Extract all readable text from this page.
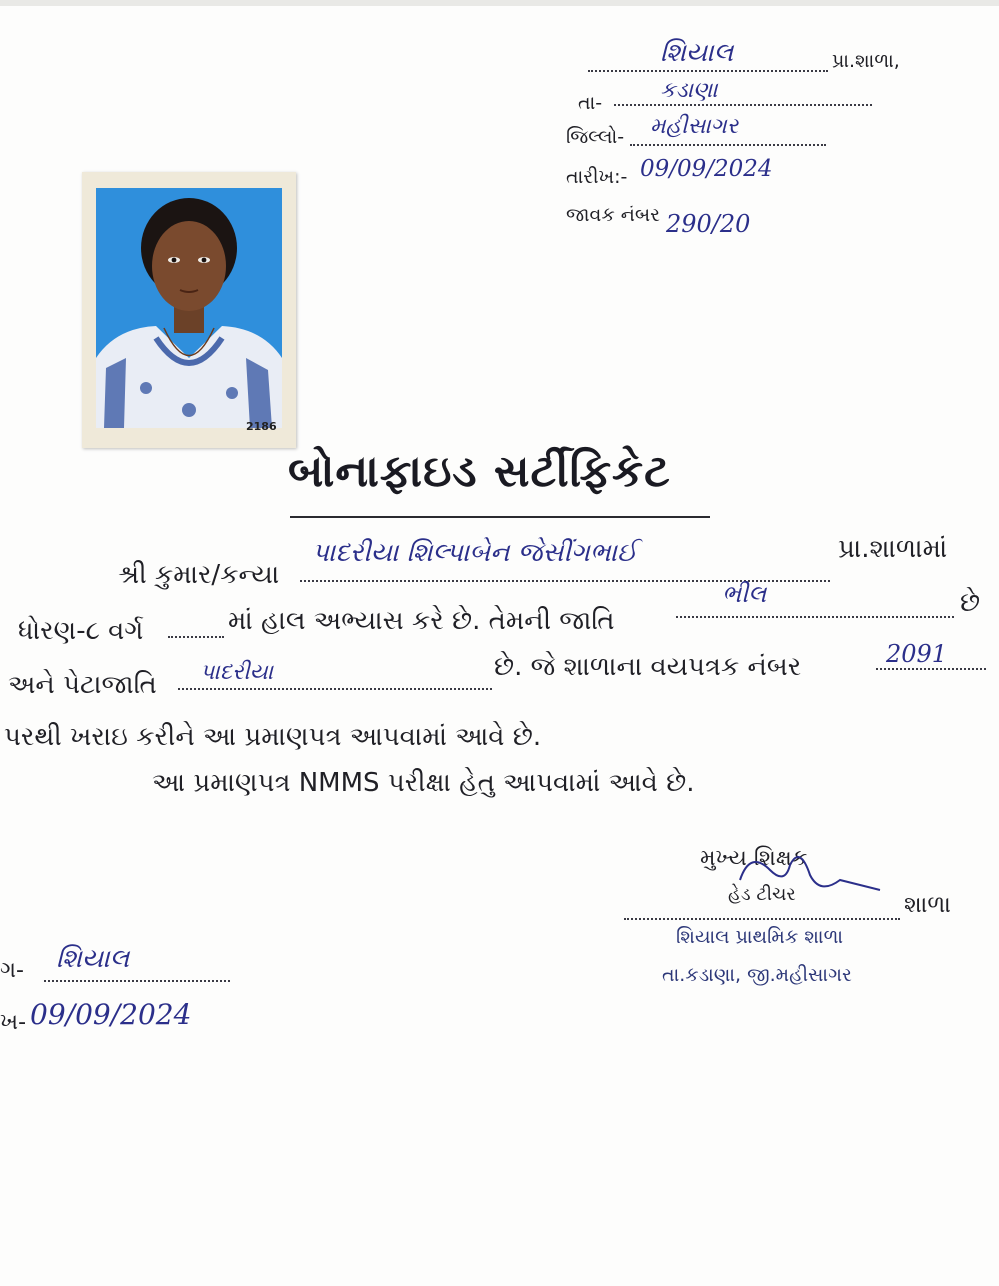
શિયાલ	પ્રા.શાળા,
તા-	કડાણા
જિલ્લો- મહીસાગર
તારીખ:- 09/09/2024
જાવક નંબર 290/20
2186
બોનાફાઇડ સર્ટીફિકેટ
શ્રી કુમાર/કન્યા
પાદરીયા શિલ્પાબેન જેસીંગભાઈ	પ્રા.શાળામાં
ધોરણ-૮ વર્ગ	માં હાલ અભ્યાસ કરે છે. તેમની જાતિ
ભીલ	છે
અને પેટાજાતિ પાદરીયા	છે. જે શાળાના વયપત્રક નંબર	2091
પરથી ખરાઇ કરીને આ પ્રમાણપત્ર આપવામાં આવે છે.
આ પ્રમાણપત્ર NMMS પરીક્ષા હેતુ આપવામાં આવે છે.
મુખ્ય શિક્ષક
હેડ ટીચર	શાળા
શિયાલ પ્રાથમિક શાળા
તા.કડાણા, જી.મહીસાગર
ગ- શિયાલ
ખ- 09/09/2024
